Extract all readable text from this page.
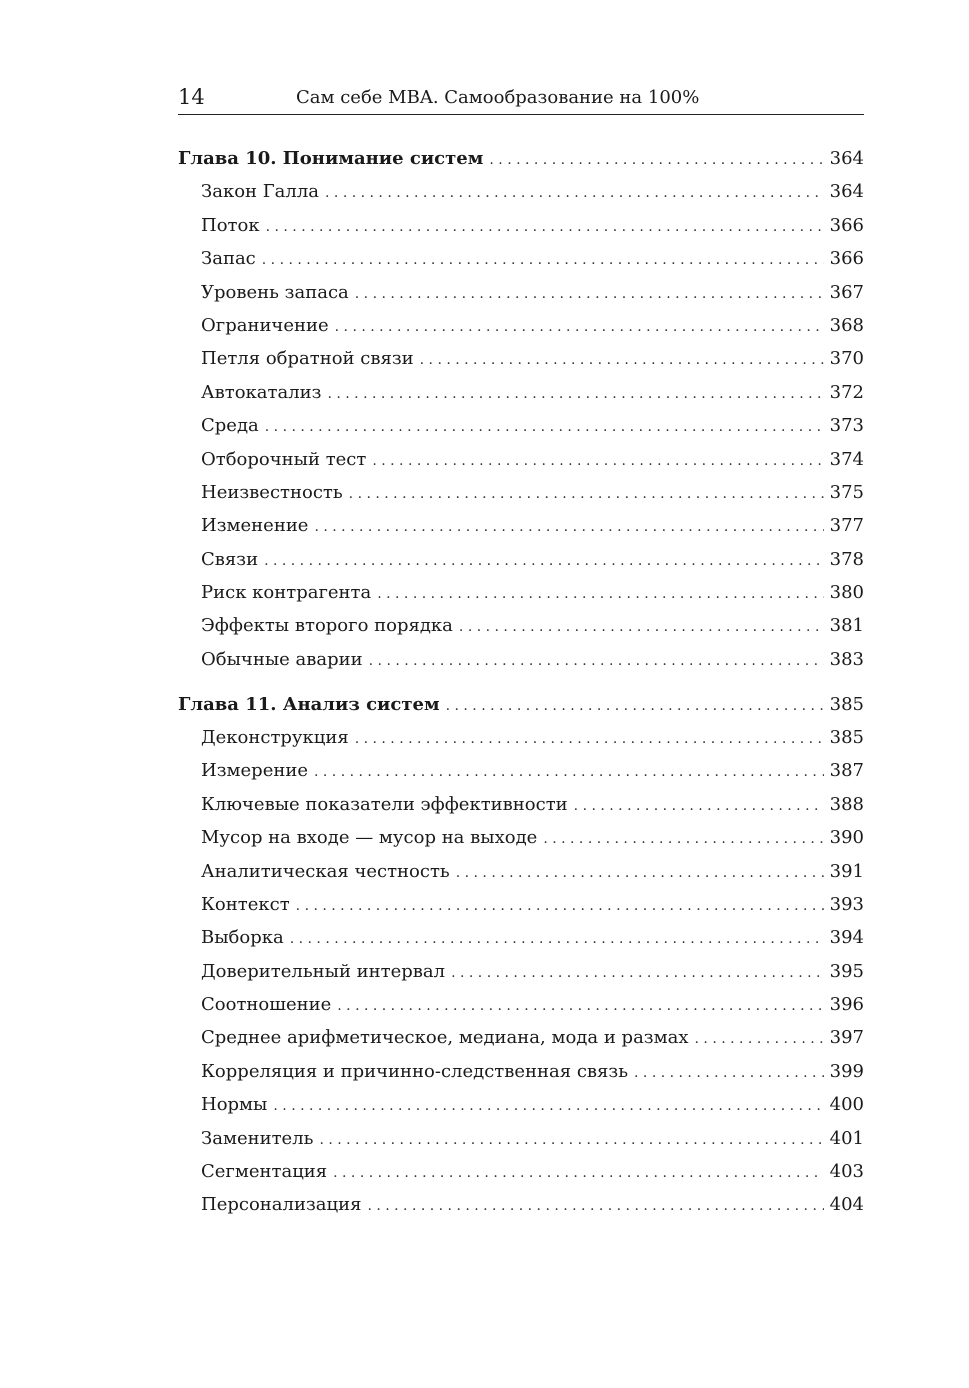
14	Сам себе MBA. Самообразование на 100%
Глава 10. Понимание систем . . .	364
Закон Галла . . .	364
Поток . . .	366
Запас . . .	366
Уровень запаса . . .	367
Ограничение . . .	368
Петля обратной связи . . .	370
Автокатализ . . .	372
Среда . . .	373
Отборочный тест . . .	374
Неизвестность . . .	375
Изменение . . .	377
Связи . . .	378
Риск контрагента . . .	380
Эффекты второго порядка . . .	381
Обычные аварии . . .	383
Глава 11. Анализ систем . . .	385
Деконструкция . . .	385
Измерение . . .	387
Ключевые показатели эффективности . . .	388
Мусор на входе — мусор на выходе . . .	390
Аналитическая честность . . .	391
Контекст . . .	393
Выборка . . .	394
Доверительный интервал . . .	395
Соотношение . . .	396
Среднее арифметическое, медиана, мода и размах . . .	397
Корреляция и причинно-следственная связь . . .	399
Нормы . . .	400
Заменитель . . .	401
Сегментация . . .	403
Персонализация . . .	404
